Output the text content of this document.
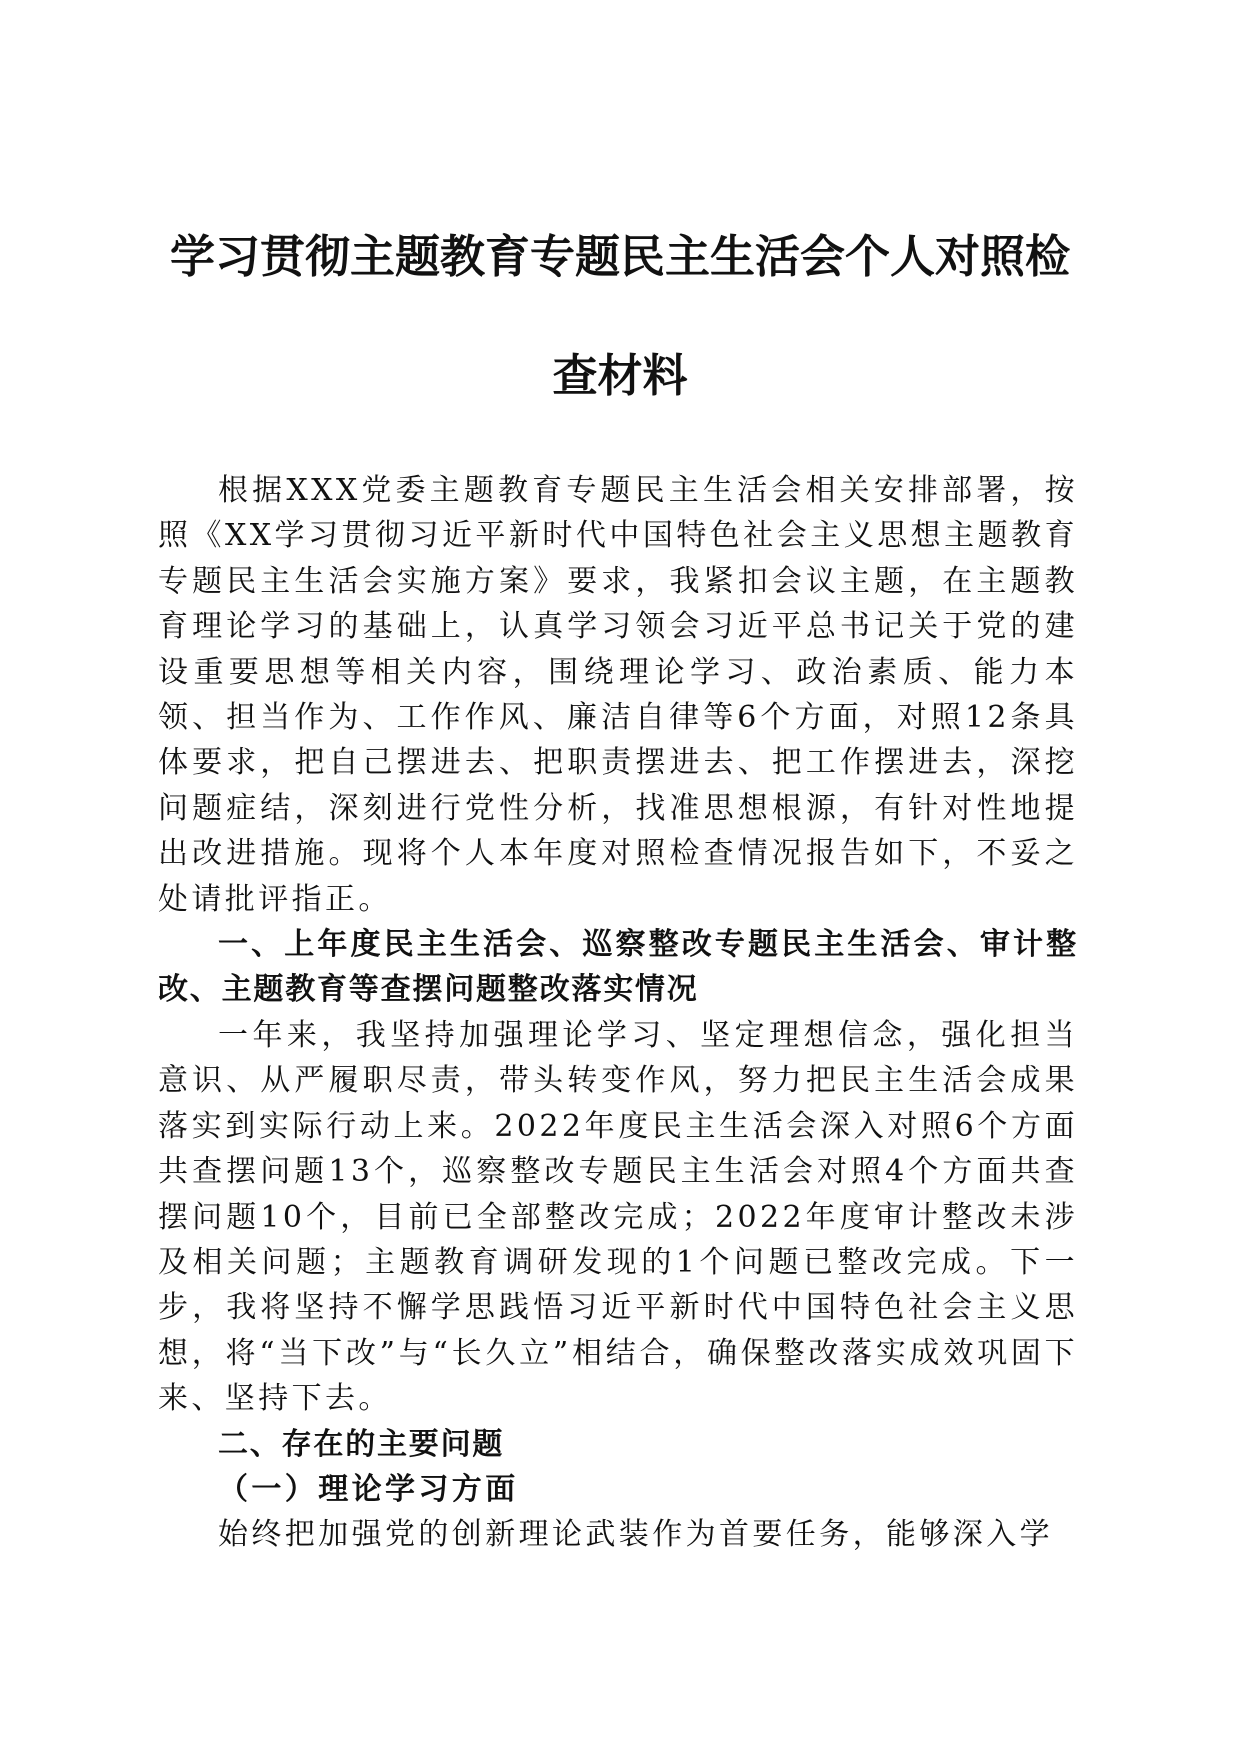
学习贯彻主题教育专题民主生活会个人对照检
查材料

根据XXX党委主题教育专题民主生活会相关安排部署，按照《XX学习贯彻习近平新时代中国特色社会主义思想主题教育专题民主生活会实施方案》要求，我紧扣会议主题，在主题教育理论学习的基础上，认真学习领会习近平总书记关于党的建设重要思想等相关内容，围绕理论学习、政治素质、能力本领、担当作为、工作作风、廉洁自律等6个方面，对照12条具体要求，把自己摆进去、把职责摆进去、把工作摆进去，深挖问题症结，深刻进行党性分析，找准思想根源，有针对性地提出改进措施。现将个人本年度对照检查情况报告如下，不妥之处请批评指正。

一、上年度民主生活会、巡察整改专题民主生活会、审计整改、主题教育等查摆问题整改落实情况

一年来，我坚持加强理论学习、坚定理想信念，强化担当意识、从严履职尽责，带头转变作风，努力把民主生活会成果落实到实际行动上来。2022年度民主生活会深入对照6个方面共查摆问题13个，巡察整改专题民主生活会对照4个方面共查摆问题10个，目前已全部整改完成；2022年度审计整改未涉及相关问题；主题教育调研发现的1个问题已整改完成。下一步，我将坚持不懈学思践悟习近平新时代中国特色社会主义思想，将“当下改”与“长久立”相结合，确保整改落实成效巩固下来、坚持下去。

二、存在的主要问题

（一）理论学习方面

始终把加强党的创新理论武装作为首要任务，能够深入学
